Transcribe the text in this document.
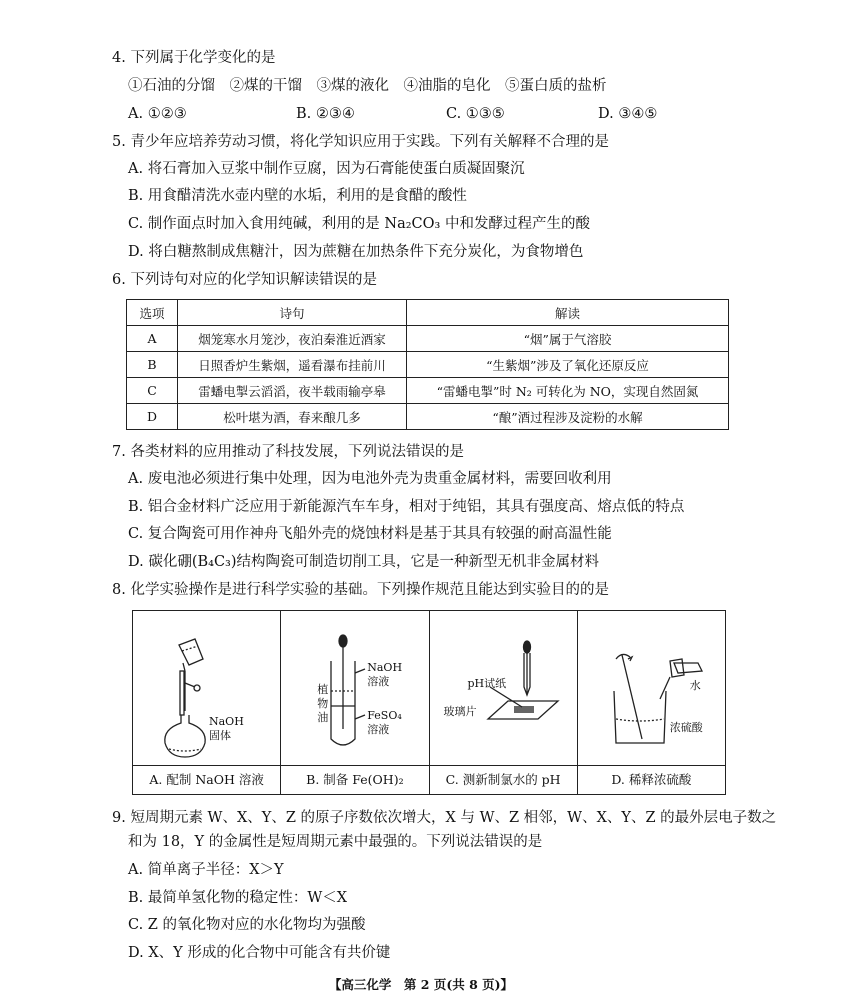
4. 下列属于化学变化的是
①石油的分馏　②煤的干馏　③煤的液化　④油脂的皂化　⑤蛋白质的盐析
A. ①②③	B. ②③④	C. ①③⑤	D. ③④⑤
5. 青少年应培养劳动习惯，将化学知识应用于实践。下列有关解释不合理的是
A. 将石膏加入豆浆中制作豆腐，因为石膏能使蛋白质凝固聚沉
B. 用食醋清洗水壶内壁的水垢，利用的是食醋的酸性
C. 制作面点时加入食用纯碱，利用的是 Na₂CO₃ 中和发酵过程产生的酸
D. 将白糖熬制成焦糖汁，因为蔗糖在加热条件下充分炭化，为食物增色
6. 下列诗句对应的化学知识解读错误的是
选项	诗句	解读
A	烟笼寒水月笼沙，夜泊秦淮近酒家	“烟”属于气溶胶
B	日照香炉生紫烟，遥看瀑布挂前川	“生紫烟”涉及了氧化还原反应
C	雷蟠电掣云滔滔，夜半载雨输亭皋	“雷蟠电掣”时 N₂ 可转化为 NO，实现自然固氮
D	松叶堪为酒，春来酿几多	“酿”酒过程涉及淀粉的水解
7. 各类材料的应用推动了科技发展，下列说法错误的是
A. 废电池必须进行集中处理，因为电池外壳为贵重金属材料，需要回收利用
B. 铝合金材料广泛应用于新能源汽车车身，相对于纯铝，其具有强度高、熔点低的特点
C. 复合陶瓷可用作神舟飞船外壳的烧蚀材料是基于其具有较强的耐高温性能
D. 碳化硼(B₄C₃)结构陶瓷可制造切削工具，它是一种新型无机非金属材料
8. 化学实验操作是进行科学实验的基础。下列操作规范且能达到实验目的的是
NaOH
固体
A. 配制 NaOH 溶液
植
物
油
NaOH
溶液
FeSO₄
溶液
B. 制备 Fe(OH)₂
pH试纸
玻璃片
C. 测新制氯水的 pH
水
浓硫酸
D. 稀释浓硫酸
9. 短周期元素 W、X、Y、Z 的原子序数依次增大，X 与 W、Z 相邻，W、X、Y、Z 的最外层电子数之
和为 18，Y 的金属性是短周期元素中最强的。下列说法错误的是
A. 简单离子半径：X＞Y
B. 最简单氢化物的稳定性：W＜X
C. Z 的氧化物对应的水化物均为强酸
D. X、Y 形成的化合物中可能含有共价键
【高三化学　第 2 页(共 8 页)】
